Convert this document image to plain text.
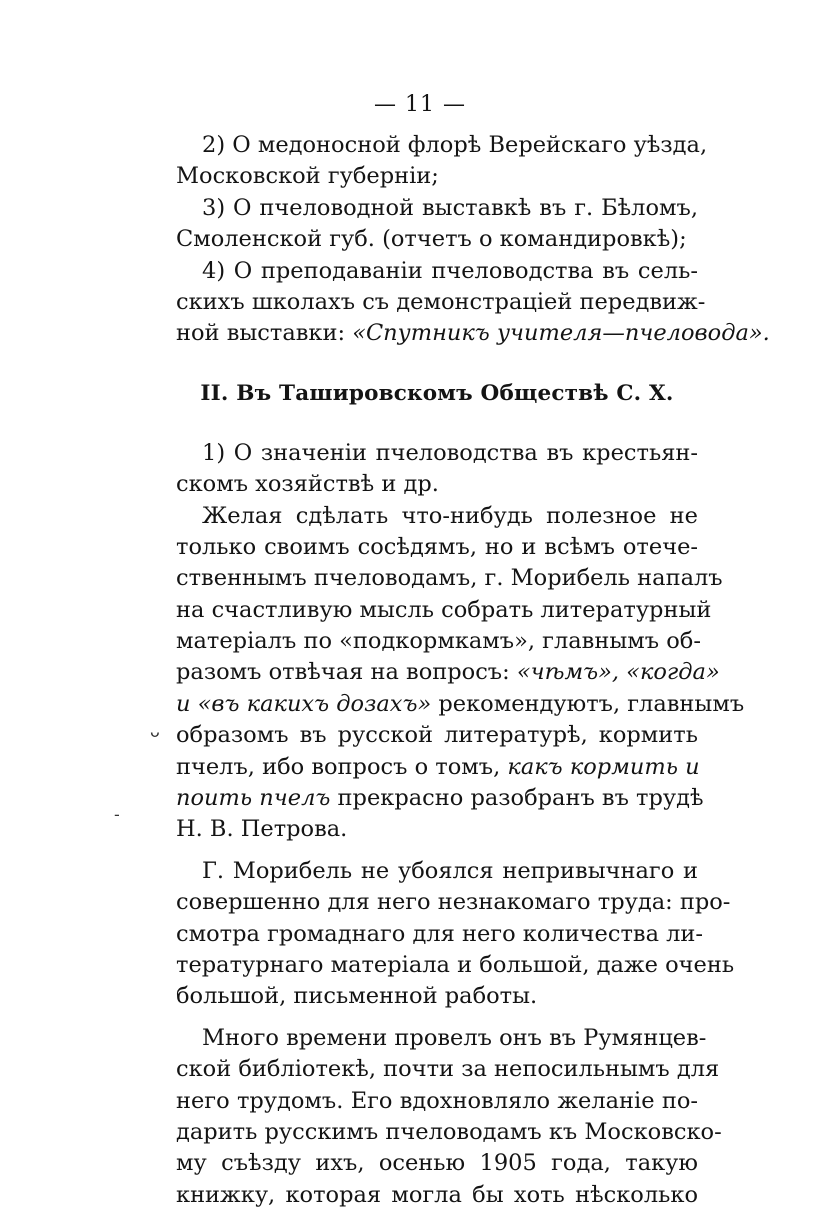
— 11 —
2) О медоносной флорѣ Верейскаго уѣзда,
Московской губерніи;
3) О пчеловодной выставкѣ въ г. Бѣломъ,
Смоленской губ. (отчетъ о командировкѣ);
4) О преподаваніи пчеловодства въ сель-
скихъ школахъ съ демонстраціей передвиж-
ной выставки: «Спутникъ учителя—пчеловода».
II. Въ Таширо‍вскомъ Обществѣ С. X.
1) О значеніи пчеловодства въ крестьян-
скомъ хозяйствѣ и др.
Желая сдѣлать что-нибудь полезное не
только своимъ сосѣдямъ, но и всѣмъ отече-
ственнымъ пчеловодамъ, г. Морибель напалъ
на счастливую мысль собрать литературный
матеріалъ по «подкормкамъ», главнымъ об-
разомъ отвѣчая на вопросъ: «чѣмъ», «когда»
и «въ какихъ дозахъ» рекомендуютъ, главнымъ
образомъ въ русской литературѣ, кормить
пчелъ, ибо вопросъ о томъ, какъ кормить и
поить пчелъ прекрасно разобранъ въ трудѣ
Н. В. Петрова.
Г. Морибель не убоялся непривычнаго и
совершенно для него незнакомаго труда: про-
смотра громаднаго для него количества ли-
тературнаго матеріала и большой, даже очень
большой, письменной работы.
Много времени провелъ онъ въ Румянцев-
ской библіотекѣ, почти за непосильнымъ для
него трудомъ. Его вдохновляло желаніе по-
дарить русскимъ пчеловодамъ къ Московско-
му съѣзду ихъ, осенью 1905 года, такую
книжку, которая могла бы хоть нѣсколько
ᴗ
-
